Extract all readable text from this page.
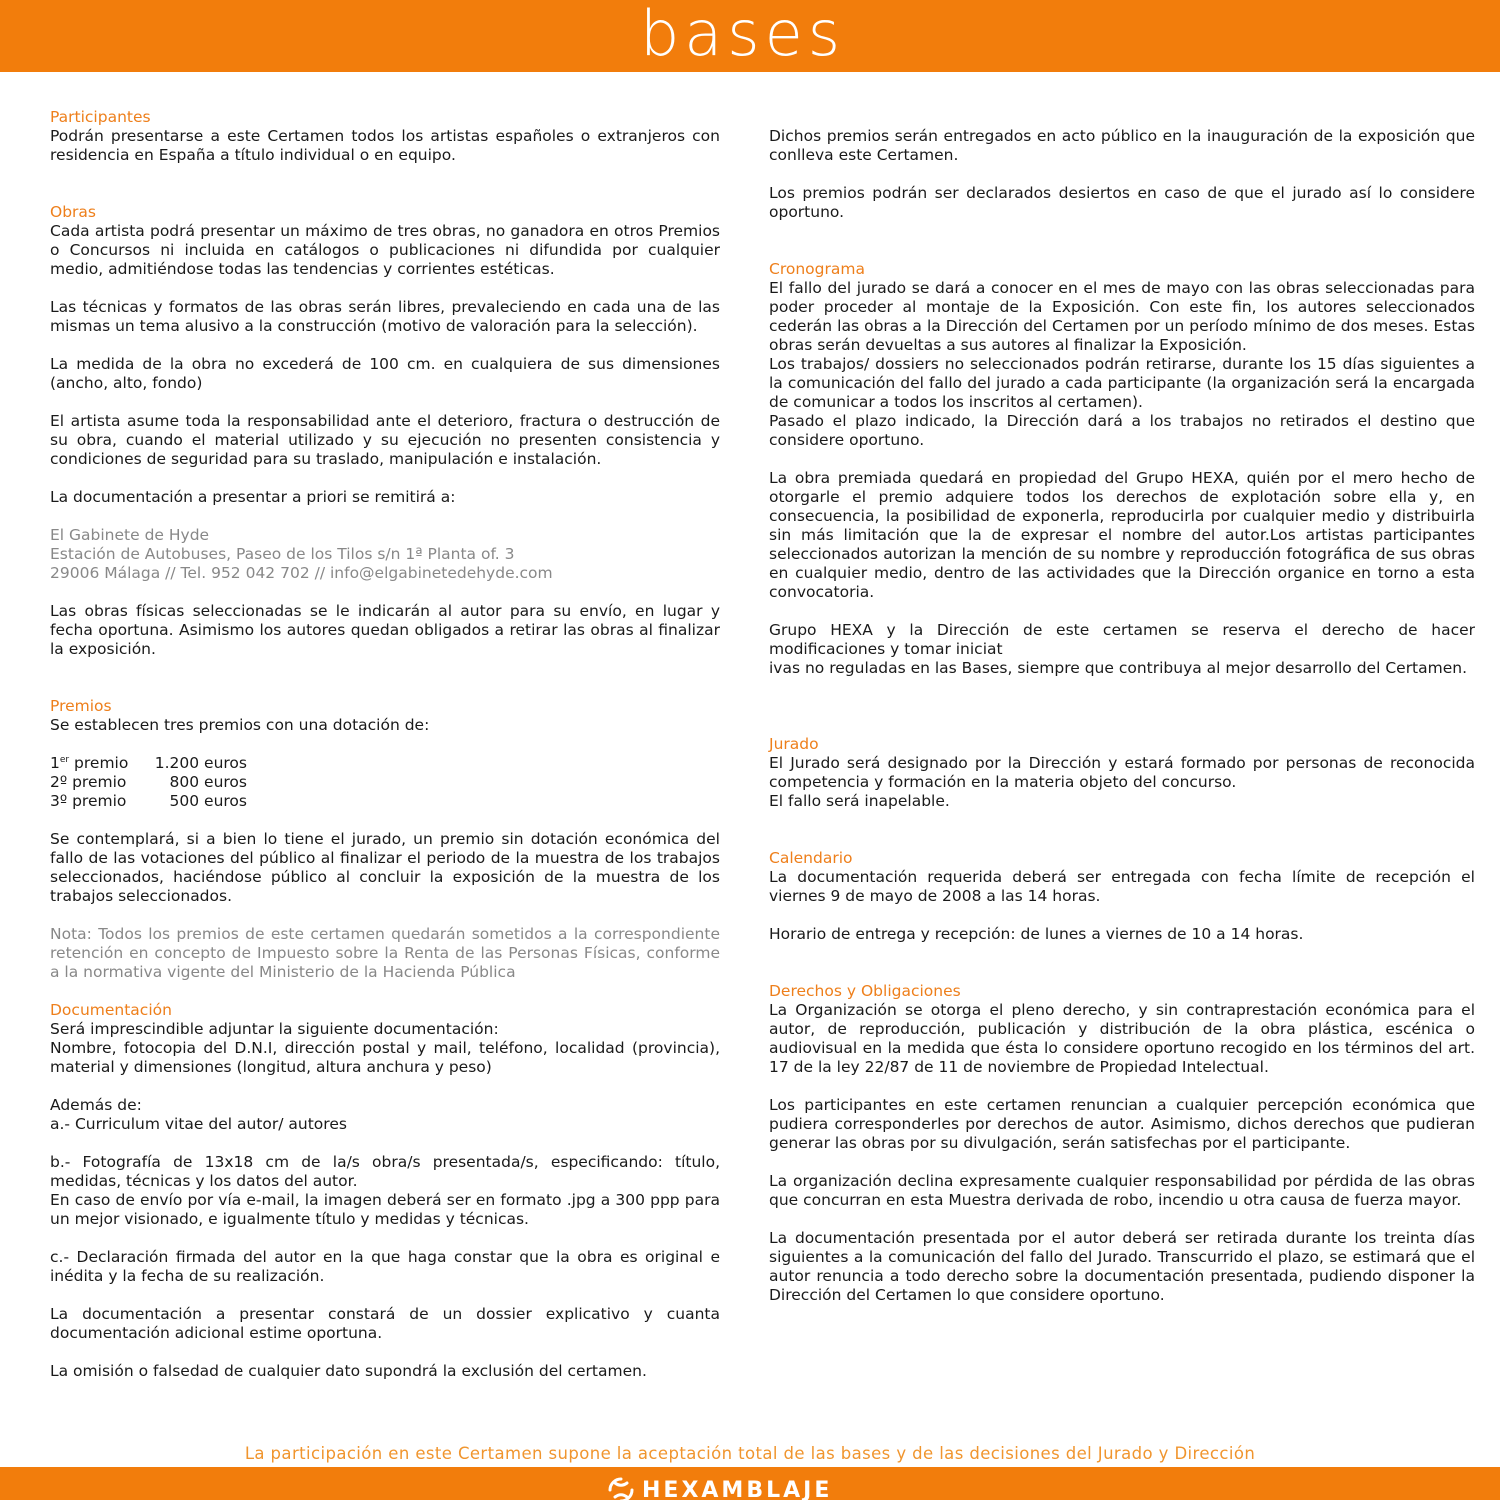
bases
Participantes

Podrán presentarse a este Certamen todos los artistas españoles o extranjeros con residencia en España a título individual o en equipo.

Obras

Cada artista podrá presentar un máximo de tres obras, no ganadora en otros Premios o Concursos ni incluida en catálogos o publicaciones ni difundida por cualquier medio, admitiéndose todas las tendencias y corrientes estéticas.

Las técnicas y formatos de las obras serán libres, prevaleciendo en cada una de las mismas un tema alusivo a la construcción (motivo de valoración para la selección).

La medida de la obra no excederá de 100 cm. en cualquiera de sus dimensiones (ancho, alto, fondo)

El artista asume toda la responsabilidad ante el deterioro, fractura o destrucción de su obra, cuando el material utilizado y su ejecución no presenten consistencia y condiciones de seguridad para su traslado, manipulación e instalación.

La documentación a presentar a priori se remitirá a:

El Gabinete de Hyde

Estación de Autobuses, Paseo de los Tilos s/n 1ª Planta of. 3

29006 Málaga // Tel. 952 042 702 // info@elgabinetedehyde.com

Las obras físicas seleccionadas se le indicarán al autor para su envío, en lugar y fecha oportuna. Asimismo los autores quedan obligados a retirar las obras al finalizar la exposición.

Premios

Se establecen tres premios con una dotación de:

1er premio	1.200 euros
2º premio	800 euros
3º premio	500 euros

Se contemplará, si a bien lo tiene el jurado, un premio sin dotación económica del fallo de las votaciones del público al finalizar el periodo de la muestra de los trabajos seleccionados, haciéndose público al concluir la exposición de la muestra de los trabajos seleccionados.

Nota: Todos los premios de este certamen quedarán sometidos a la correspondiente retención en concepto de Impuesto sobre la Renta de las Personas Físicas, conforme a la normativa vigente del Ministerio de la Hacienda Pública

Documentación

Será imprescindible adjuntar la siguiente documentación:

Nombre, fotocopia del D.N.I, dirección postal y mail, teléfono, localidad (provincia), material y dimensiones (longitud, altura anchura y peso)

Además de:

a.- Curriculum vitae del autor/ autores

b.- Fotografía de 13x18 cm de la/s obra/s presentada/s, especificando: título, medidas, técnicas y los datos del autor.

En caso de envío por vía e-mail, la imagen deberá ser en formato .jpg a 300 ppp para un mejor visionado, e igualmente título y medidas y técnicas.

c.- Declaración firmada del autor en la que haga constar que la obra es original e inédita y la fecha de su realización.

La documentación a presentar constará de un dossier explicativo y cuanta documentación adicional estime oportuna.

La omisión o falsedad de cualquier dato supondrá la exclusión del certamen.

Dichos premios serán entregados en acto público en la inauguración de la exposición que conlleva este Certamen.

Los premios podrán ser declarados desiertos en caso de que el jurado así lo considere oportuno.

Cronograma

El fallo del jurado se dará a conocer en el mes de mayo con las obras seleccionadas para poder proceder al montaje de la Exposición. Con este fin, los autores seleccionados cederán las obras a la Dirección del Certamen por un período mínimo de dos meses. Estas obras serán devueltas a sus autores al finalizar la Exposición.

Los trabajos/ dossiers no seleccionados podrán retirarse, durante los 15 días siguientes a la comunicación del fallo del jurado a cada participante (la organización será la encargada de comunicar a todos los inscritos al certamen).

Pasado el plazo indicado, la Dirección dará a los trabajos no retirados el destino que considere oportuno.

La obra premiada quedará en propiedad del Grupo HEXA, quién por el mero hecho de otorgarle el premio adquiere todos los derechos de explotación sobre ella y, en consecuencia, la posibilidad de exponerla, reproducirla por cualquier medio y distribuirla sin más limitación que la de expresar el nombre del autor.Los artistas participantes seleccionados autorizan la mención de su nombre y reproducción fotográfica de sus obras en cualquier medio, dentro de las actividades que la Dirección organice en torno a esta convocatoria.

Grupo HEXA y la Dirección de este certamen se reserva el derecho de hacer modificaciones y tomar iniciat

ivas no reguladas en las Bases, siempre que contribuya al mejor desarrollo del Certamen.

Jurado

El Jurado será designado por la Dirección y estará formado por personas de reconocida competencia y formación en la materia objeto del concurso.

El fallo será inapelable.

Calendario

La documentación requerida deberá ser entregada con fecha límite de recepción el viernes 9 de mayo de 2008 a las 14 horas.

Horario de entrega y recepción: de lunes a viernes de 10 a 14 horas.

Derechos y Obligaciones

La Organización se otorga el pleno derecho, y sin contraprestación económica para el autor, de reproducción, publicación y distribución de la obra plástica, escénica o audiovisual en la medida que ésta lo considere oportuno recogido en los términos del art. 17 de la ley 22/87 de 11 de noviembre de Propiedad Intelectual.

Los participantes en este certamen renuncian a cualquier percepción económica que pudiera corresponderles por derechos de autor. Asimismo, dichos derechos que pudieran generar las obras por su divulgación, serán satisfechas por el participante.

La organización declina expresamente cualquier responsabilidad por pérdida de las obras que concurran en esta Muestra derivada de robo, incendio u otra causa de fuerza mayor.

La documentación presentada por el autor deberá ser retirada durante los treinta días siguientes a la comunicación del fallo del Jurado. Transcurrido el plazo, se estimará que el autor renuncia a todo derecho sobre la documentación presentada, pudiendo disponer la Dirección del Certamen lo que considere oportuno.

La participación en este Certamen supone la aceptación total de las bases y de las decisiones del Jurado y Dirección
HEXAMBLAJE
